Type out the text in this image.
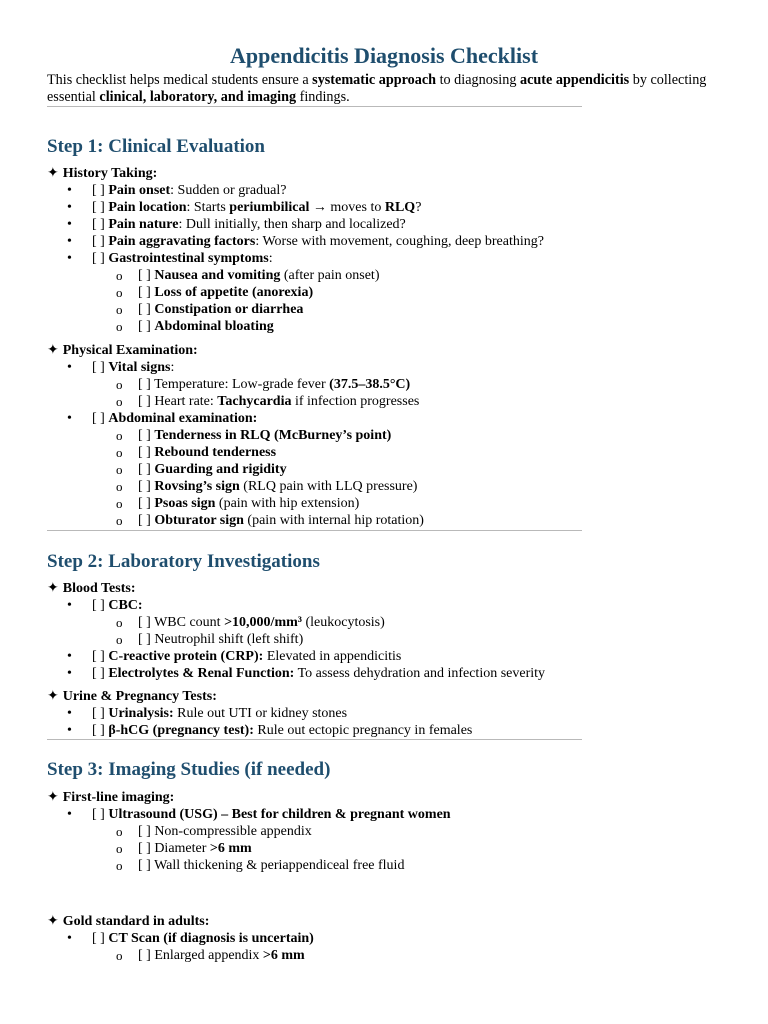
Appendicitis Diagnosis Checklist

This checklist helps medical students ensure a systematic approach to diagnosing acute appendicitis by collecting essential clinical, laboratory, and imaging findings.

Step 1: Clinical Evaluation
✦ History Taking:
• [ ] Pain onset: Sudden or gradual?
• [ ] Pain location: Starts periumbilical → moves to RLQ?
• [ ] Pain nature: Dull initially, then sharp and localized?
• [ ] Pain aggravating factors: Worse with movement, coughing, deep breathing?
• [ ] Gastrointestinal symptoms:
o [ ] Nausea and vomiting (after pain onset)
o [ ] Loss of appetite (anorexia)
o [ ] Constipation or diarrhea
o [ ] Abdominal bloating
✦ Physical Examination:
• [ ] Vital signs:
o [ ] Temperature: Low-grade fever (37.5–38.5°C)
o [ ] Heart rate: Tachycardia if infection progresses
• [ ] Abdominal examination:
o [ ] Tenderness in RLQ (McBurney’s point)
o [ ] Rebound tenderness
o [ ] Guarding and rigidity
o [ ] Rovsing’s sign (RLQ pain with LLQ pressure)
o [ ] Psoas sign (pain with hip extension)
o [ ] Obturator sign (pain with internal hip rotation)
Step 2: Laboratory Investigations
✦ Blood Tests:
• [ ] CBC:
o [ ] WBC count >10,000/mm³ (leukocytosis)
o [ ] Neutrophil shift (left shift)
• [ ] C-reactive protein (CRP): Elevated in appendicitis
• [ ] Electrolytes & Renal Function: To assess dehydration and infection severity
✦ Urine & Pregnancy Tests:
• [ ] Urinalysis: Rule out UTI or kidney stones
• [ ] β-hCG (pregnancy test): Rule out ectopic pregnancy in females
Step 3: Imaging Studies (if needed)
✦ First-line imaging:
• [ ] Ultrasound (USG) – Best for children & pregnant women
o [ ] Non-compressible appendix
o [ ] Diameter >6 mm
o [ ] Wall thickening & periappendiceal free fluid
✦ Gold standard in adults:
• [ ] CT Scan (if diagnosis is uncertain)
o [ ] Enlarged appendix >6 mm
